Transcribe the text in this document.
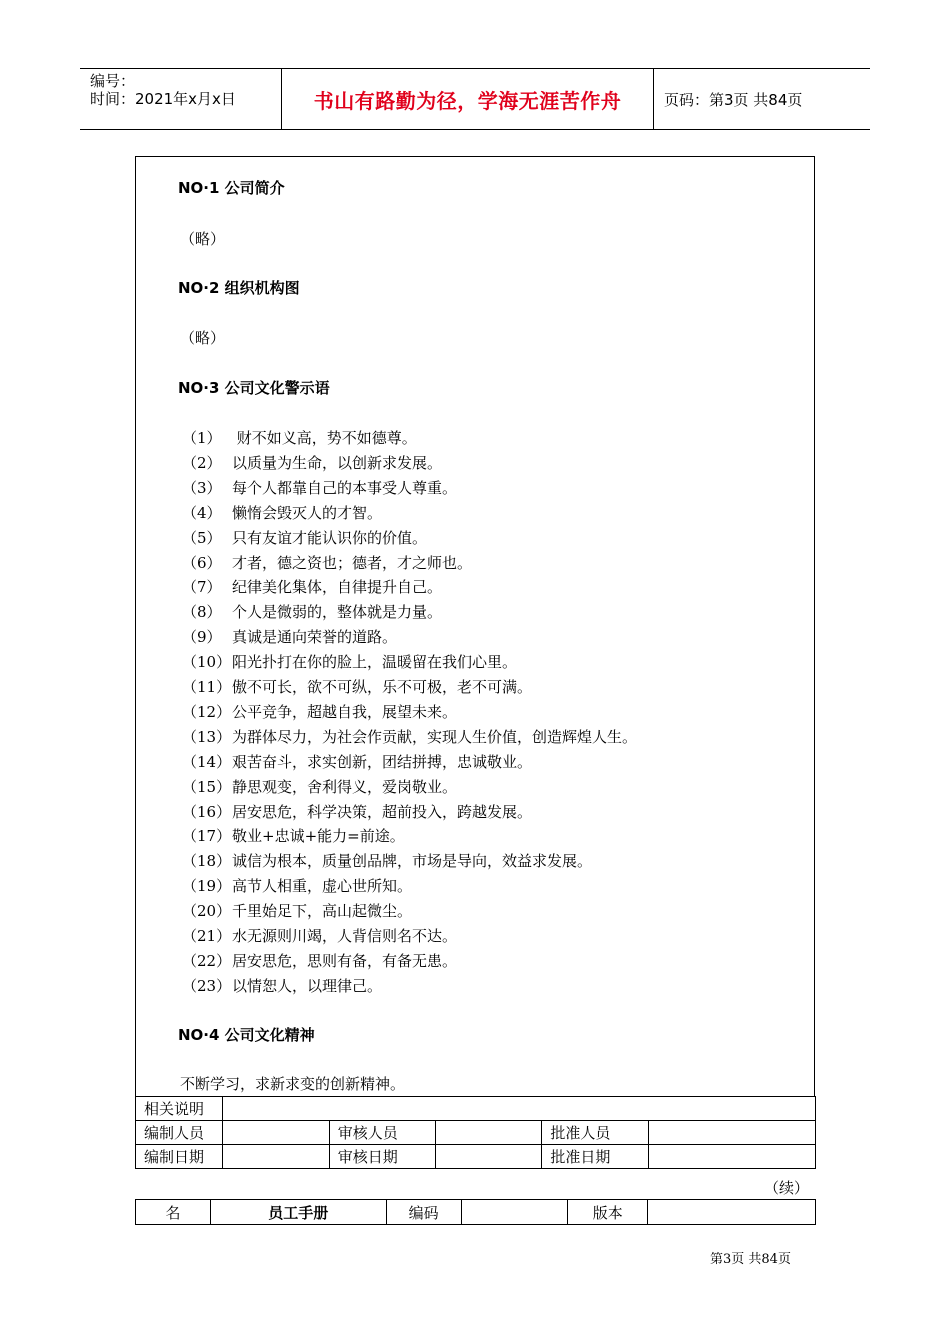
编号：
时间：2021年x月x日	书山有路勤为径，学海无涯苦作舟	页码：第3页 共84页
NO·1 公司简介
（略）
NO·2 组织机构图
（略）
NO·3 公司文化警示语
（1） 财不如义高，势不如德尊。
（2） 以质量为生命，以创新求发展。
（3） 每个人都靠自己的本事受人尊重。
（4） 懒惰会毁灭人的才智。
（5） 只有友谊才能认识你的价值。
（6） 才者，德之资也；德者，才之师也。
（7） 纪律美化集体，自律提升自己。
（8） 个人是微弱的，整体就是力量。
（9） 真诚是通向荣誉的道路。
（10）阳光扑打在你的脸上，温暖留在我们心里。
（11）傲不可长，欲不可纵，乐不可极，老不可满。
（12）公平竞争，超越自我，展望未来。
（13）为群体尽力，为社会作贡献，实现人生价值，创造辉煌人生。
（14）艰苦奋斗，求实创新，团结拼搏，忠诚敬业。
（15）静思观变，舍利得义，爱岗敬业。
（16）居安思危，科学决策，超前投入，跨越发展。
（17）敬业+忠诚+能力=前途。
（18）诚信为根本，质量创品牌，市场是导向，效益求发展。
（19）高节人相重，虚心世所知。
（20）千里始足下，高山起微尘。
（21）水无源则川竭，人背信则名不达。
（22）居安思危，思则有备，有备无患。
（23）以情恕人，以理律己。
NO·4 公司文化精神
不断学习，求新求变的创新精神。
相关说明					
编制人员		审核人员		批准人员	
编制日期		审核日期		批准日期	
（续）
名	员工手册	编码		版本	
第3页 共84页
